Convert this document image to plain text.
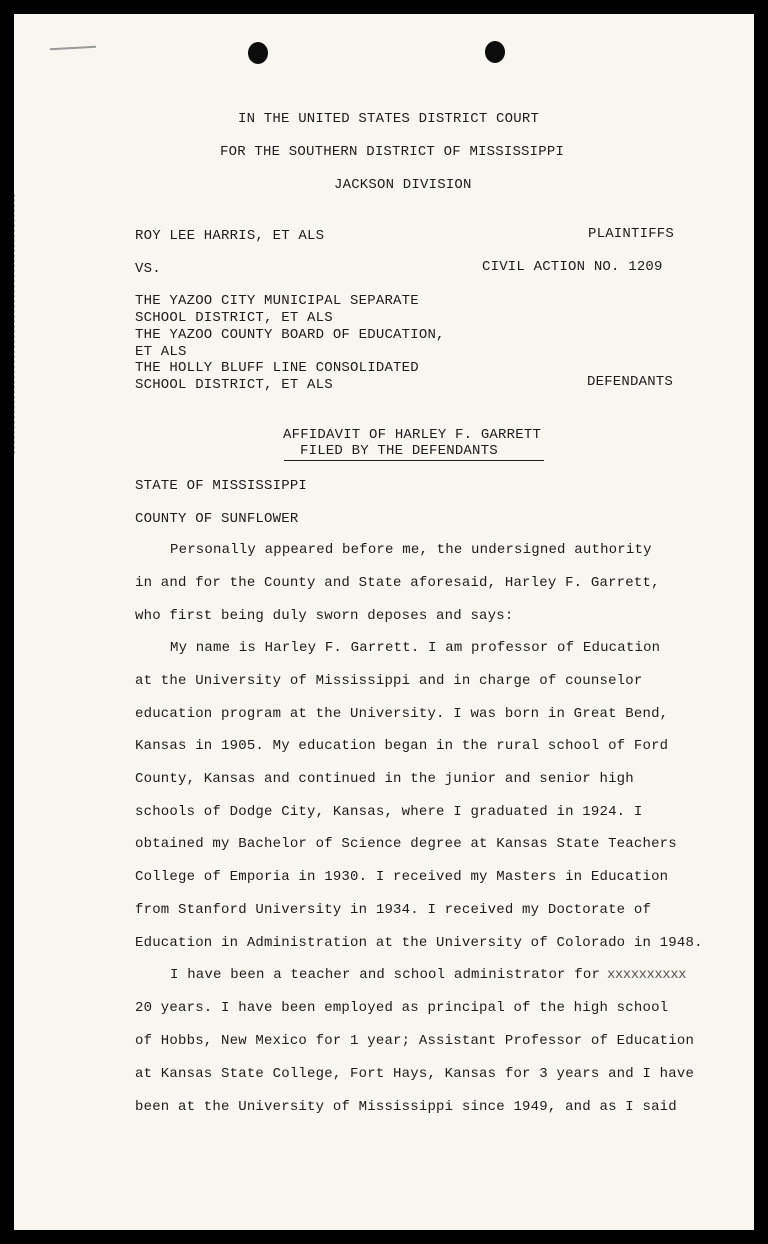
IN THE UNITED STATES DISTRICT COURT
FOR THE SOUTHERN DISTRICT OF MISSISSIPPI
JACKSON DIVISION
ROY LEE HARRIS, ET ALS	PLAINTIFFS
VS.	CIVIL ACTION NO. 1209
THE YAZOO CITY MUNICIPAL SEPARATE
SCHOOL DISTRICT, ET ALS
THE YAZOO COUNTY BOARD OF EDUCATION,
ET ALS
THE HOLLY BLUFF LINE CONSOLIDATED
SCHOOL DISTRICT, ET ALS	DEFENDANTS
AFFIDAVIT OF HARLEY F. GARRETT
FILED BY THE DEFENDANTS
STATE OF MISSISSIPPI
COUNTY OF SUNFLOWER
Personally appeared before me, the undersigned authority
in and for the County and State aforesaid, Harley F. Garrett,
who first being duly sworn deposes and says:
My name is Harley F. Garrett. I am professor of Education
at the University of Mississippi and in charge of counselor
education program at the University. I was born in Great Bend,
Kansas in 1905. My education began in the rural school of Ford
County, Kansas and continued in the junior and senior high
schools of Dodge City, Kansas, where I graduated in 1924. I
obtained my Bachelor of Science degree at Kansas State Teachers
College of Emporia in 1930. I received my Masters in Education
from Stanford University in 1934. I received my Doctorate of
Education in Administration at the University of Colorado in 1948.
I have been a teacher and school administrator for xxxxxxxxxx
20 years. I have been employed as principal of the high school
of Hobbs, New Mexico for 1 year; Assistant Professor of Education
at Kansas State College, Fort Hays, Kansas for 3 years and I have
been at the University of Mississippi since 1949, and as I said
